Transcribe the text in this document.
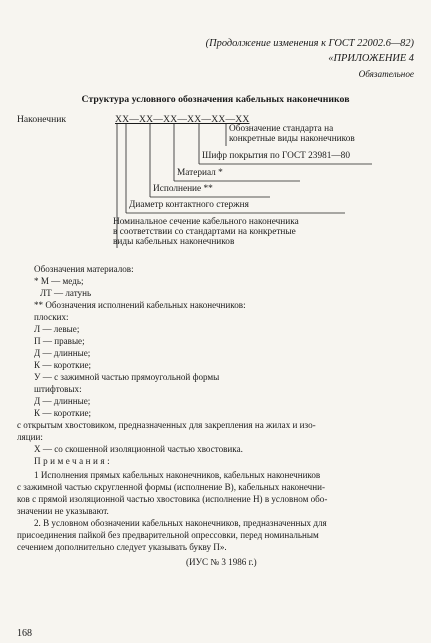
(Продолжение изменения к ГОСТ 22002.6—82)
«ПРИЛОЖЕНИЕ 4
Обязательное
Структура условного обозначения кабельных наконечников
Наконечник	XX—XX—XX—XX—XX—XX
Обозначение стандарта на
конкретные виды наконечников
Шифр покрытия по ГОСТ 23981—80
Материал *
Исполнение **
Диаметр контактного стержня
Номинальное сечение кабельного наконечника
в соответствии со стандартами на конкретные
виды кабельных наконечников
Обозначения материалов:
* М — медь;
ЛТ — латунь
** Обозначения исполнений кабельных наконечников:
плоских:
Л — левые;
П — правые;
Д — длинные;
К — короткие;
У — с зажимной частью прямоугольной формы
штифтовых:
Д — длинные;
К — короткие;
с открытым хвостовиком, предназначенных для закрепления на жилах и изо-
ляции:
X — со скошенной изоляционной частью хвостовика.
Примечания:
1 Исполнения прямых кабельных наконечников, кабельных наконечников
с зажимной частью скругленной формы (исполнение В), кабельных наконечни-
ков с прямой изоляционной частью хвостовика (исполнение Н) в условном обо-
значении не указывают.
2. В условном обозначении кабельных наконечников, предназначенных для
присоединения пайкой без предварительной опрессовки, перед номинальным
сечением дополнительно следует указывать букву П».
(ИУС № 3 1986 г.)
168
